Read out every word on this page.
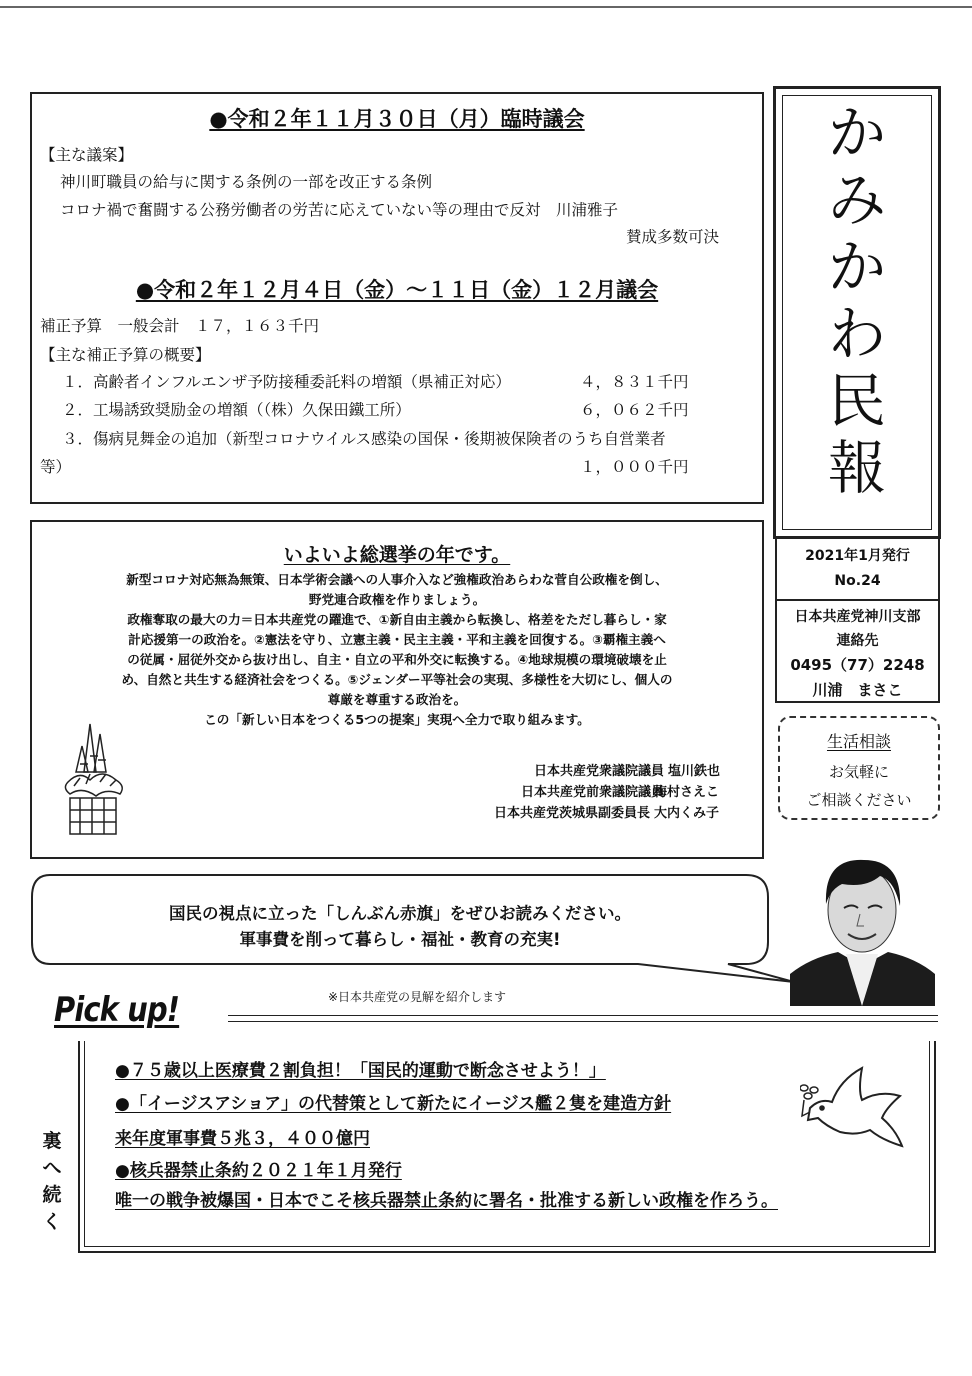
●令和２年１１月３０日（月）臨時議会
【主な議案】
神川町職員の給与に関する条例の一部を改正する条例
コロナ禍で奮闘する公務労働者の労苦に応えていない等の理由で反対　川浦雅子
賛成多数可決
●令和２年１２月４日（金）～１１日（金）１２月議会
補正予算　一般会計　１７，１６３千円
【主な補正予算の概要】
１．高齢者インフルエンザ予防接種委託料の増額（県補正対応）	４，８３１千円
２．工場誘致奨励金の増額（（株）久保田鐵工所）	６，０６２千円
３．傷病見舞金の追加（新型コロナウイルス感染の国保・後期被保険者のうち自営業者
等）	１，０００千円
か
み
か
わ
民
報
2021年1月発行
No.24
日本共産党神川支部
連絡先
0495（77）2248
川浦　まさこ
生活相談
お気軽に
ご相談ください
いよいよ総選挙の年です。
新型コロナ対応無為無策、日本学術会議への人事介入など強権政治あらわな菅自公政権を倒し、
野党連合政権を作りましょう。
政権奪取の最大の力＝日本共産党の躍進で、①新自由主義から転換し、格差をただし暮らし・家
計応援第一の政治を。②憲法を守り、立憲主義・民主主義・平和主義を回復する。③覇権主義へ
の従属・屈従外交から抜け出し、自主・自立の平和外交に転換する。④地球規模の環境破壊を止
め、自然と共生する経済社会をつくる。⑤ジェンダー平等社会の実現、多様性を大切にし、個人の
尊厳を尊重する政治を。
この「新しい日本をつくる5つの提案」実現へ全力で取り組みます。
日本共産党衆議院議員 塩川鉄也
日本共産党前衆議院議員
梅村さえこ
日本共産党茨城県副委員長 大内くみ子
国民の視点に立った「しんぶん赤旗」をぜひお読みください。
軍事費を削って暮らし・福祉・教育の充実!
Pick up!	※日本共産党の見解を紹介します
●７５歳以上医療費２割負担！「国民的運動で断念させよう！」
●「イージスアショア」の代替策として新たにイージス艦２隻を建造方針
来年度軍事費５兆３，４００億円
●核兵器禁止条約２０２１年１月発行
唯一の戦争被爆国・日本でこそ核兵器禁止条約に署名・批准する新しい政権を作ろう。
裏
へ
続
く
